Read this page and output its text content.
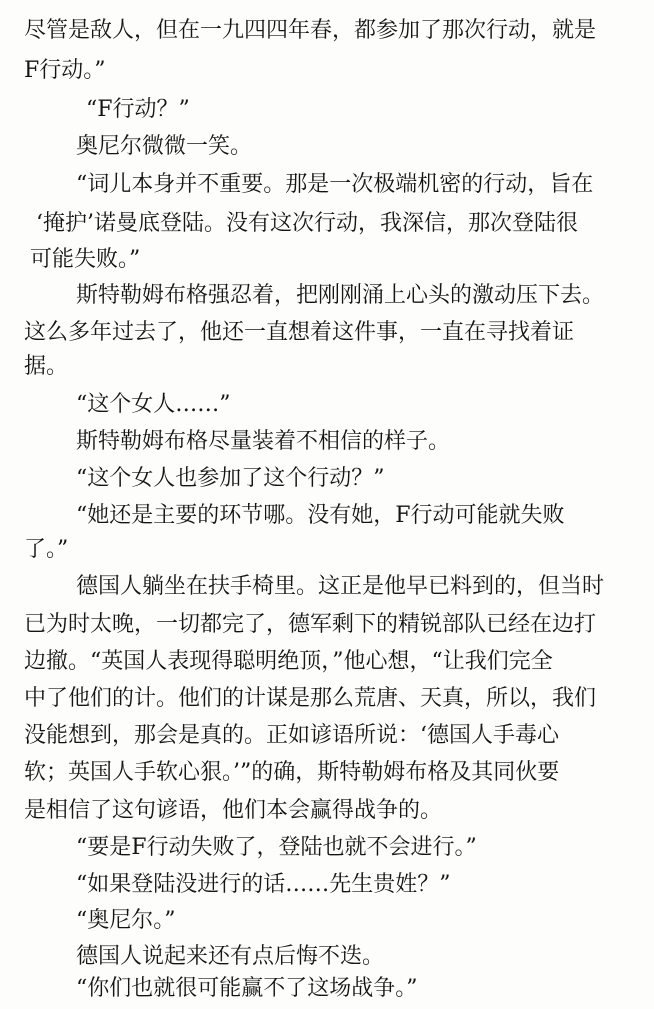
尽管是敌人，但在一九四四年春，都参加了那次行动，就是
F行动。”
“F行动？”
奥尼尔微微一笑。
“词儿本身并不重要。那是一次极端机密的行动，旨在
‘掩护’诺曼底登陆。没有这次行动，我深信，那次登陆很
可能失败。”
斯特勒姆布格强忍着，把刚刚涌上心头的激动压下去。
这么多年过去了，他还一直想着这件事，一直在寻找着证
据。
“这个女人……”
斯特勒姆布格尽量装着不相信的样子。
“这个女人也参加了这个行动？”
“她还是主要的环节哪。没有她，F行动可能就失败
了。”
德国人躺坐在扶手椅里。这正是他早已料到的，但当时
已为时太晚，一切都完了，德军剩下的精锐部队已经在边打
边撤。“英国人表现得聪明绝顶，”他心想，“让我们完全
中了他们的计。他们的计谋是那么荒唐、天真，所以，我们
没能想到，那会是真的。正如谚语所说：‘德国人手毒心
软；英国人手软心狠。’”的确，斯特勒姆布格及其同伙要
是相信了这句谚语，他们本会赢得战争的。
“要是F行动失败了，登陆也就不会进行。”
“如果登陆没进行的话……先生贵姓？”
“奥尼尔。”
德国人说起来还有点后悔不迭。
“你们也就很可能赢不了这场战争。”
